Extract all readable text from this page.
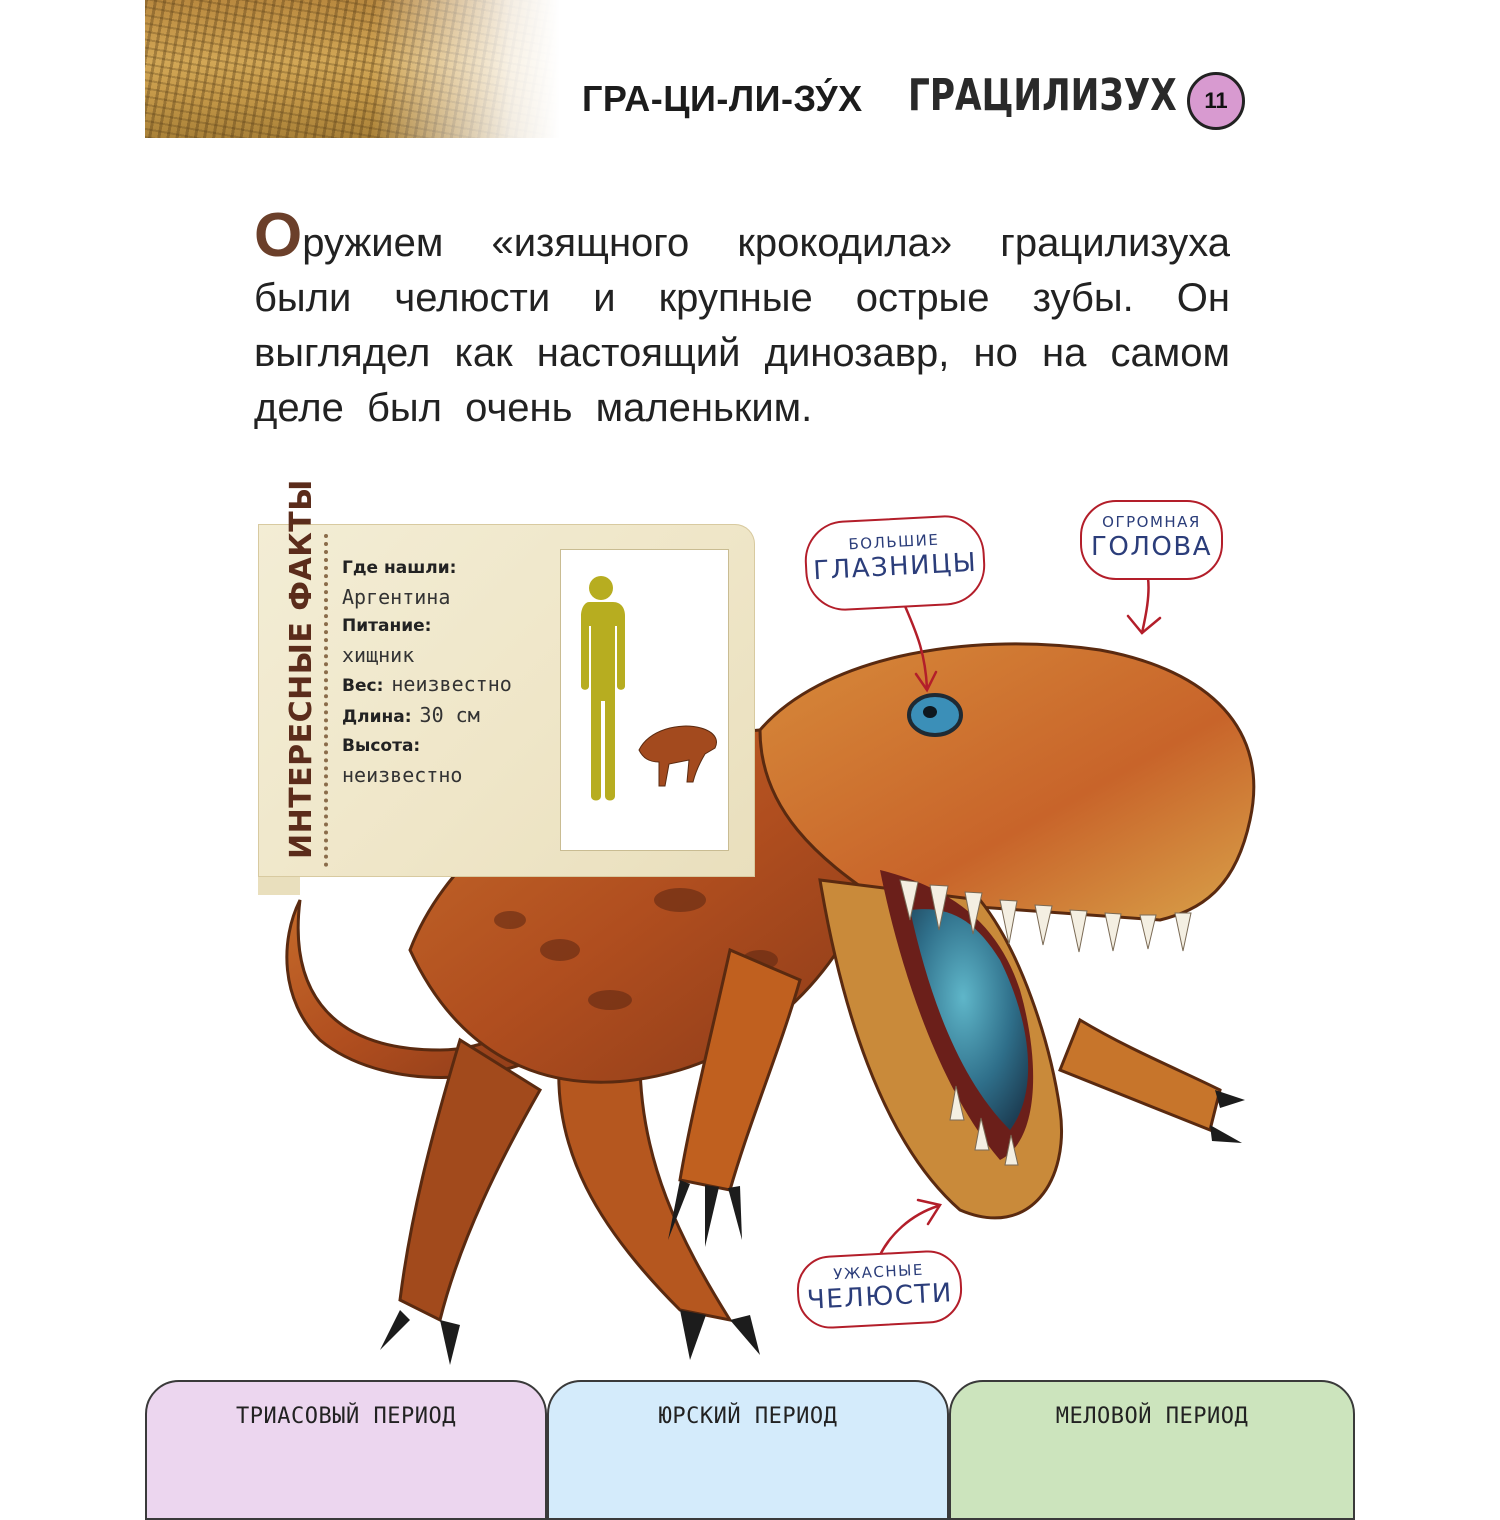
ГРА-ЦИ-ЛИ-ЗУ́Х ГРАЦИЛИЗУХ 11
Оружием «изящного крокодила» грацилизуха были челюсти и крупные острые зубы. Он выглядел как настоящий динозавр, но на самом деле был очень маленьким.
ИНТЕРЕСНЫЕ ФАКТЫ Где нашли:
Аргентина
Питание:
хищник
Вес: неизвестно
Длина: 30 см
Высота:
неизвестно
БОЛЬШИЕ
ГЛАЗНИЦЫ
ОГРОМНАЯ
ГОЛОВА
УЖАСНЫЕ
ЧЕЛЮСТИ
ТРИАСОВЫЙ ПЕРИОД	ЮРСКИЙ ПЕРИОД	МЕЛОВОЙ ПЕРИОД
